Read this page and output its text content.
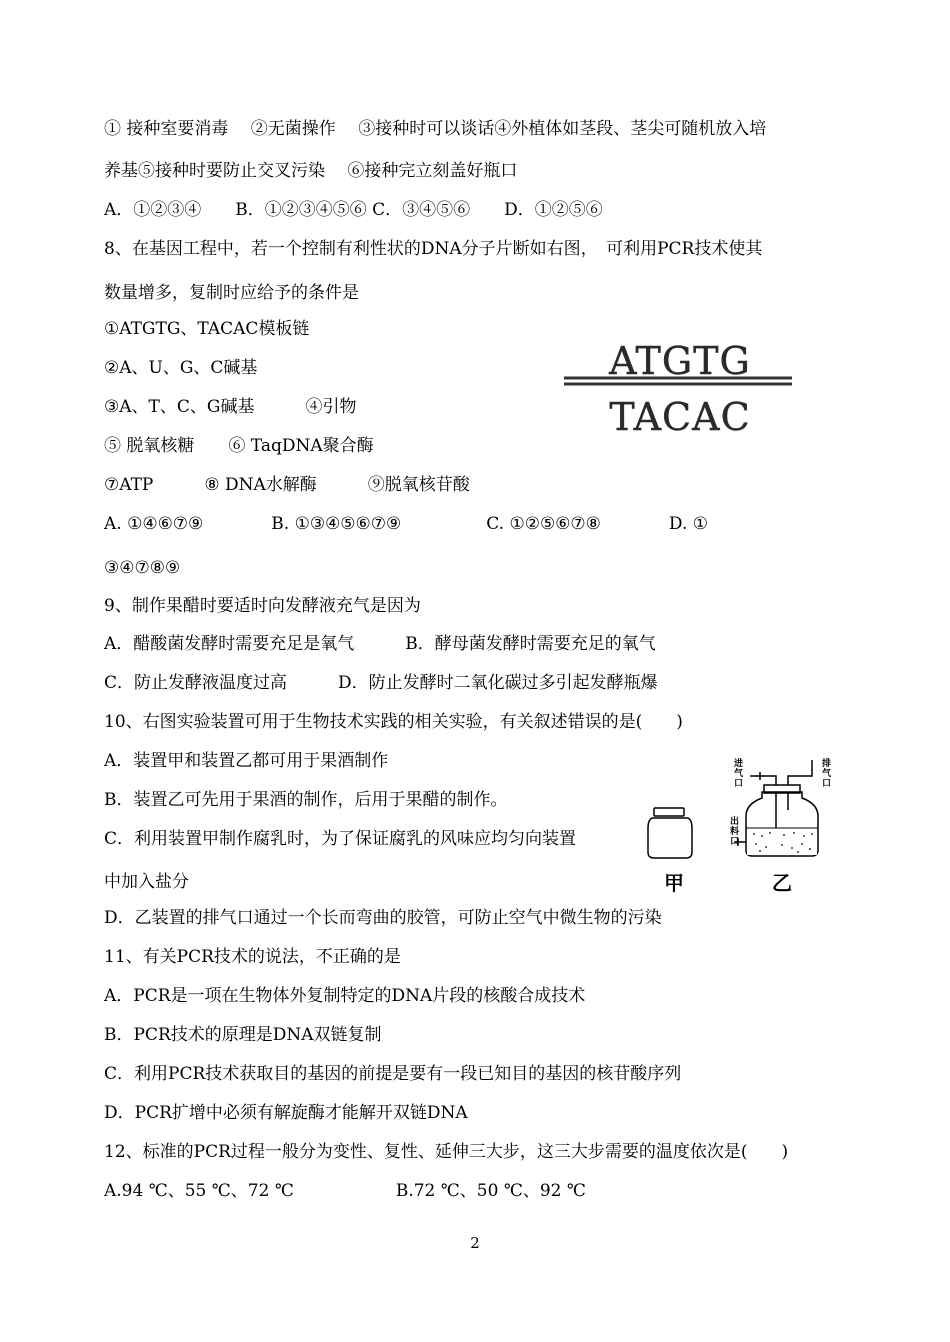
① 接种室要消毒　 ②无菌操作　 ③接种时可以谈话④外植体如茎段、茎尖可随机放入培

养基⑤接种时要防止交叉污染　 ⑥接种完立刻盖好瓶口

A．①②③④　　B．①②③④⑤⑥ C．③④⑤⑥　　D．①②⑤⑥

8、在基因工程中，若一个控制有利性状的DNA分子片断如右图，　可利用PCR技术使其

数量增多，复制时应给予的条件是

①ATGTG、TACAC模板链

②A、U、G、C碱基

③A、T、C、G碱基　　　④引物

⑤ 脱氧核糖　　⑥ TaqDNA聚合酶

⑦ATP　　　⑧ DNA水解酶　　　⑨脱氧核苷酸

A. ①④⑥⑦⑨　　　　B. ①③④⑤⑥⑦⑨　　　　　C. ①②⑤⑥⑦⑧　　　　D. ①

③④⑦⑧⑨

9、制作果醋时要适时向发酵液充气是因为

A．醋酸菌发酵时需要充足是氧气　　　B．酵母菌发酵时需要充足的氧气

C．防止发酵液温度过高　　　D．防止发酵时二氧化碳过多引起发酵瓶爆

10、右图实验装置可用于生物技术实践的相关实验，有关叙述错误的是(　　)

A．装置甲和装置乙都可用于果酒制作

B．装置乙可先用于果酒的制作，后用于果醋的制作。

C．利用装置甲制作腐乳时，为了保证腐乳的风味应均匀向装置

中加入盐分

D．乙装置的排气口通过一个长而弯曲的胶管，可防止空气中微生物的污染

11、有关PCR技术的说法，不正确的是

A．PCR是一项在生物体外复制特定的DNA片段的核酸合成技术

B．PCR技术的原理是DNA双链复制

C．利用PCR技术获取目的基因的前提是要有一段已知目的基因的核苷酸序列

D．PCR扩增中必须有解旋酶才能解开双链DNA

12、标准的PCR过程一般分为变性、复性、延伸三大步，这三大步需要的温度依次是(　　)

A.94 ℃、55 ℃、72 ℃　　　　　　B.72 ℃、50 ℃、92 ℃

ATGTG
TACAC
甲
进气口
排气口
出料口
乙
2
